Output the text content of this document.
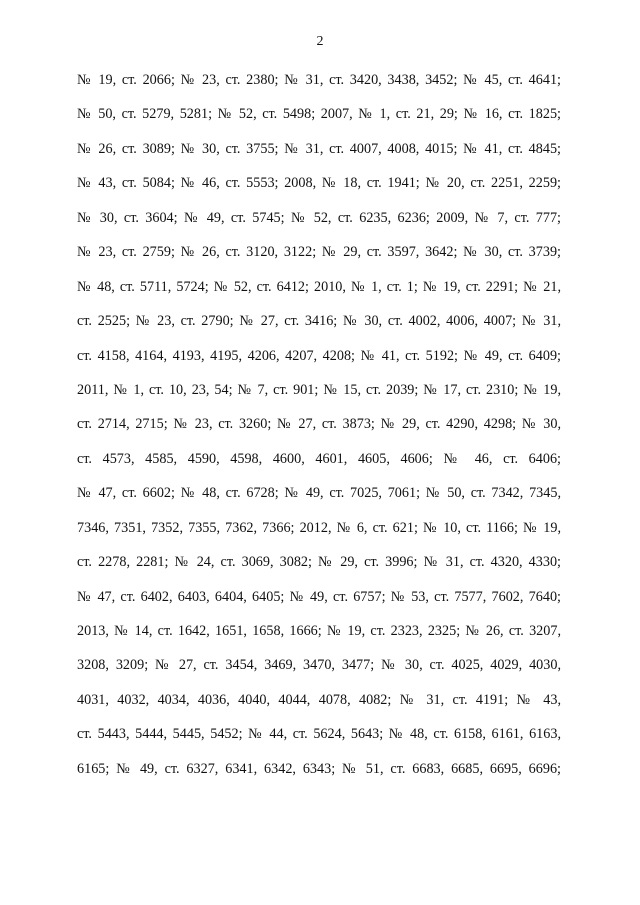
2
№ 19, ст. 2066; № 23, ст. 2380; № 31, ст. 3420, 3438, 3452; № 45, ст. 4641;
№ 50, ст. 5279, 5281; № 52, ст. 5498; 2007, № 1, ст. 21, 29; № 16, ст. 1825;
№ 26, ст. 3089; № 30, ст. 3755; № 31, ст. 4007, 4008, 4015; № 41, ст. 4845;
№ 43, ст. 5084; № 46, ст. 5553; 2008, № 18, ст. 1941; № 20, ст. 2251, 2259;
№ 30, ст. 3604; № 49, ст. 5745; № 52, ст. 6235, 6236; 2009, № 7, ст. 777;
№ 23, ст. 2759; № 26, ст. 3120, 3122; № 29, ст. 3597, 3642; № 30, ст. 3739;
№ 48, ст. 5711, 5724; № 52, ст. 6412; 2010, № 1, ст. 1; № 19, ст. 2291; № 21,
ст. 2525; № 23, ст. 2790; № 27, ст. 3416; № 30, ст. 4002, 4006, 4007; № 31,
ст. 4158, 4164, 4193, 4195, 4206, 4207, 4208; № 41, ст. 5192; № 49, ст. 6409;
2011, № 1, ст. 10, 23, 54; № 7, ст. 901; № 15, ст. 2039; № 17, ст. 2310; № 19,
ст. 2714, 2715; № 23, ст. 3260; № 27, ст. 3873; № 29, ст. 4290, 4298; № 30,
ст. 4573, 4585, 4590, 4598, 4600, 4601, 4605, 4606; № 46, ст. 6406;
№ 47, ст. 6602; № 48, ст. 6728; № 49, ст. 7025, 7061; № 50, ст. 7342, 7345,
7346, 7351, 7352, 7355, 7362, 7366; 2012, № 6, ст. 621; № 10, ст. 1166; № 19,
ст. 2278, 2281; № 24, ст. 3069, 3082; № 29, ст. 3996; № 31, ст. 4320, 4330;
№ 47, ст. 6402, 6403, 6404, 6405; № 49, ст. 6757; № 53, ст. 7577, 7602, 7640;
2013, № 14, ст. 1642, 1651, 1658, 1666; № 19, ст. 2323, 2325; № 26, ст. 3207,
3208, 3209; № 27, ст. 3454, 3469, 3470, 3477; № 30, ст. 4025, 4029, 4030,
4031, 4032, 4034, 4036, 4040, 4044, 4078, 4082; № 31, ст. 4191; № 43,
ст. 5443, 5444, 5445, 5452; № 44, ст. 5624, 5643; № 48, ст. 6158, 6161, 6163,
6165; № 49, ст. 6327, 6341, 6342, 6343; № 51, ст. 6683, 6685, 6695, 6696;
